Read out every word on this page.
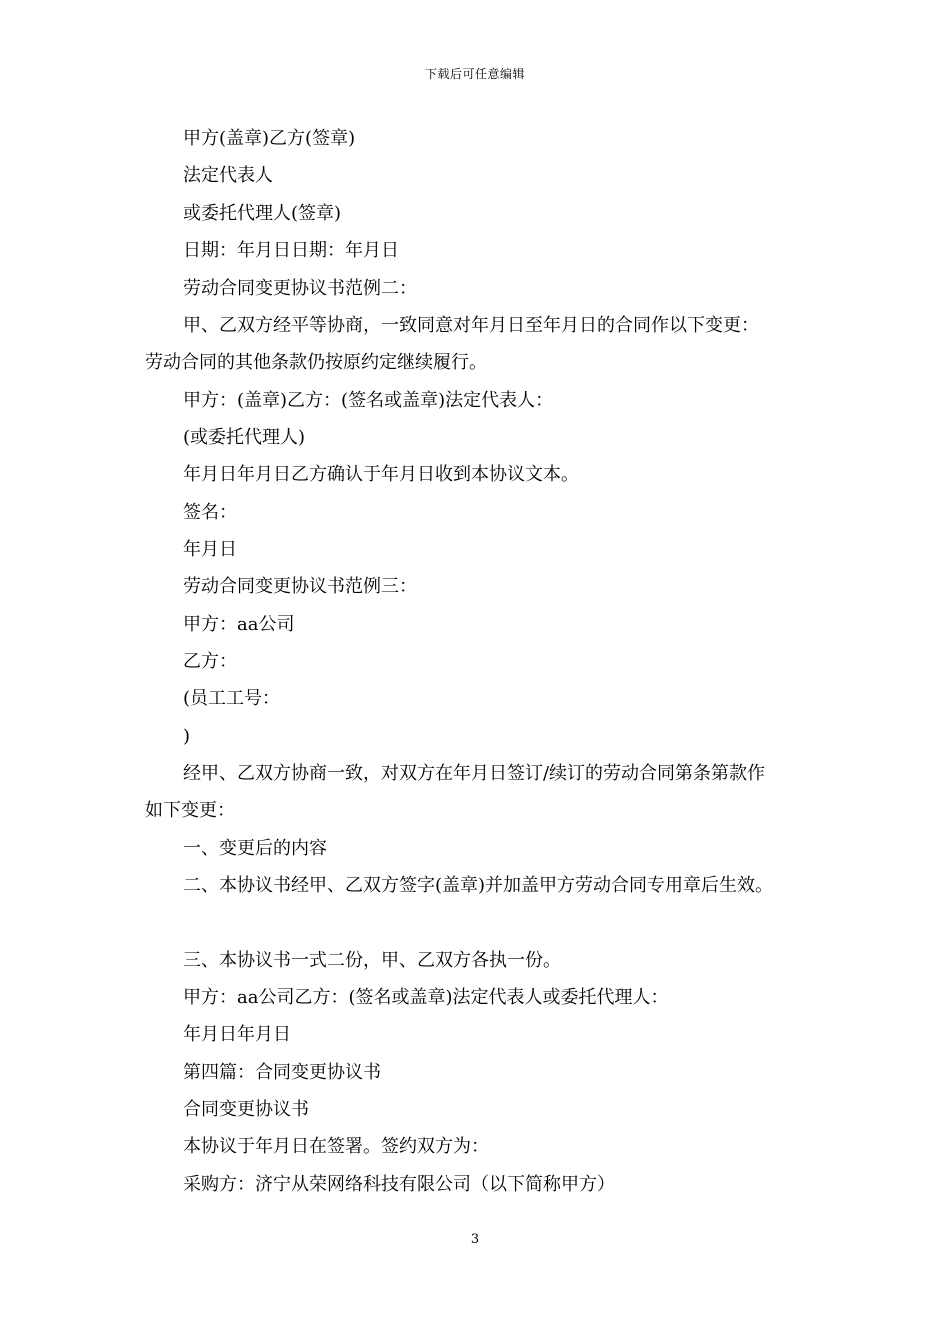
下载后可任意编辑
甲方(盖章)乙方(签章)
法定代表人
或委托代理人(签章)
日期：年月日日期：年月日
劳动合同变更协议书范例二：
甲、乙双方经平等协商，一致同意对年月日至年月日的合同作以下变更：
劳动合同的其他条款仍按原约定继续履行。
甲方：(盖章)乙方：(签名或盖章)法定代表人：
(或委托代理人)
年月日年月日乙方确认于年月日收到本协议文本。
签名：
年月日
劳动合同变更协议书范例三：
甲方：aa公司
乙方：
(员工工号：
)
经甲、乙双方协商一致，对双方在年月日签订/续订的劳动合同第条第款作
如下变更：
一、变更后的内容
二、本协议书经甲、乙双方签字(盖章)并加盖甲方劳动合同专用章后生效。
三、本协议书一式二份，甲、乙双方各执一份。
甲方：aa公司乙方：(签名或盖章)法定代表人或委托代理人：
年月日年月日
第四篇：合同变更协议书
合同变更协议书
本协议于年月日在签署。签约双方为：
采购方：济宁从荣网络科技有限公司（以下简称甲方）
3
